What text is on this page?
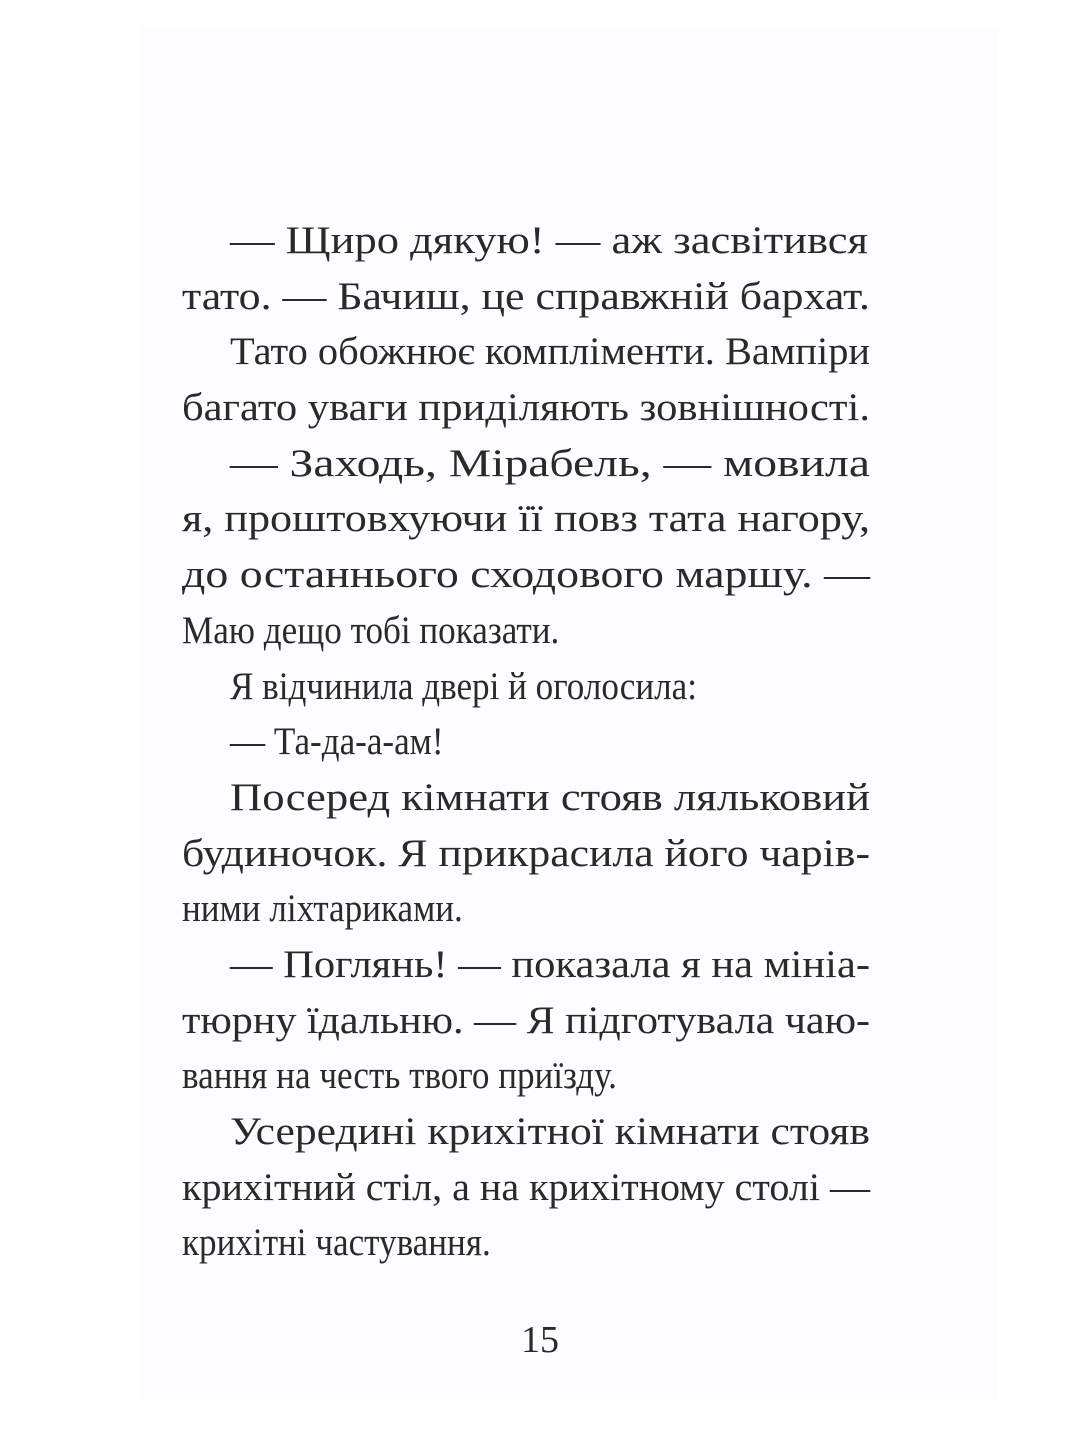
— Щиро дякую! — аж засвітився
тато. — Бачиш, це справжній бархат.
Тато обожнює компліменти. Вампіри
багато уваги приділяють зовнішності.
— Заходь, Мірабель, — мовила
я, проштовхуючи її повз тата нагору,
до останнього сходового маршу. —
Маю дещо тобі показати.
Я відчинила двері й оголосила:
— Та-да-а-ам!
Посеред кімнати стояв ляльковий
будиночок. Я прикрасила його чарів-
ними ліхтариками.
— Поглянь! — показала я на мініа-
тюрну їдальню. — Я підготувала чаю-
вання на честь твого приїзду.
Усередині крихітної кімнати стояв
крихітний стіл, а на крихітному столі —
крихітні частування.
15
